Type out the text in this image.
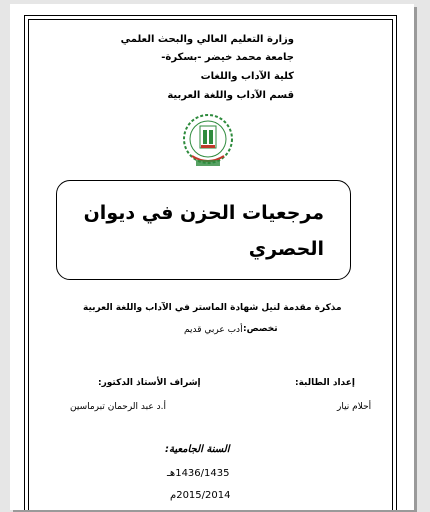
وزارة التعليم العالي والبحث العلمي
جامعة محمد خيضر -بسكرة-
كلية الآداب واللغات
قسم الآداب واللغة العربية
مرجعيات الحزن في ديوان
الحصري
مذكرة مقدمة لنيل شهادة الماستر في الآداب واللغة العربية
تخصص:
أدب عربي قديم
إعداد الطالبة:
أحلام نيار
إشراف الأستاذ الدكتور:
أ.د عبد الرحمان تبرماسين
السنة الجامعية:
1436/1435هـ
2015/2014م
